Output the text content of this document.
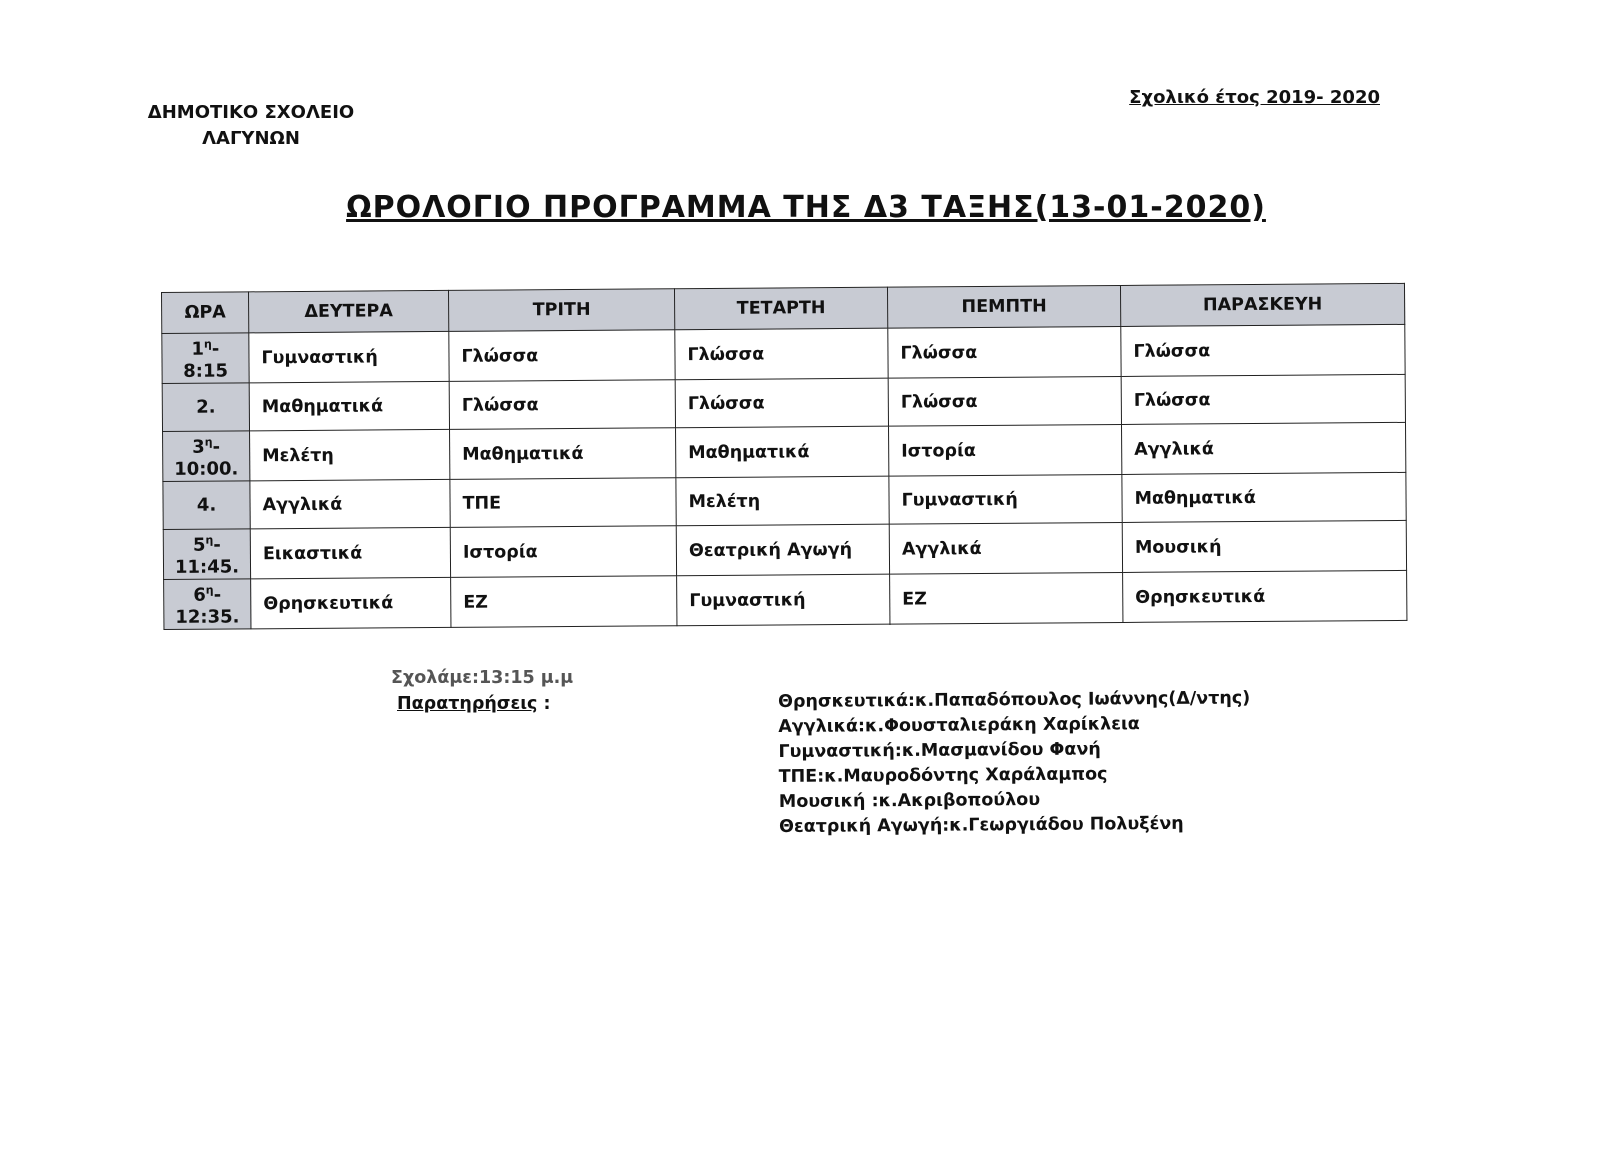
ΔΗΜΟΤΙΚΟ ΣΧΟΛΕΙΟ
ΛΑΓΥΝΩΝ
Σχολικό έτος 2019- 2020
ΩΡΟΛΟΓΙΟ ΠΡΟΓΡΑΜΜΑ ΤΗΣ Δ3 ΤΑΞΗΣ(13-01-2020)
ΩΡΑ	ΔΕΥΤΕΡΑ	ΤΡΙΤΗ	ΤΕΤΑΡΤΗ	ΠΕΜΠΤΗ	ΠΑΡΑΣΚΕΥΗ

$1^\eta-$
8:15	Γυμναστική	Γλώσσα	Γλώσσα	Γλώσσα	Γλώσσα

2.	Μαθηματικά	Γλώσσα	Γλώσσα	Γλώσσα	Γλώσσα

$3^\eta-$
10:00.	Μελέτη	Μαθηματικά	Μαθηματικά	Ιστορία	Αγγλικά

4.	Αγγλικά	ΤΠΕ	Μελέτη	Γυμναστική	Μαθηματικά

$5^\eta-$
11:45.	Εικαστικά	Ιστορία	Θεατρική Αγωγή	Αγγλικά	Μουσική

$6^\eta-$
12:35.	Θρησκευτικά	ΕΖ	Γυμναστική	ΕΖ	Θρησκευτικά
Σχολάμε:13:15 μ.μ
Παρατηρήσεις :	Θρησκευτικά:κ.Παπαδόπουλος Ιωάννης(Δ/ντης)
Αγγλικά:κ.Φουσταλιεράκη Χαρίκλεια
Γυμναστική:κ.Μασμανίδου Φανή
ΤΠΕ:κ.Μαυροδόντης Χαράλαμπος
Μουσική :κ.Ακριβοπούλου
Θεατρική Αγωγή:κ.Γεωργιάδου Πολυξένη
